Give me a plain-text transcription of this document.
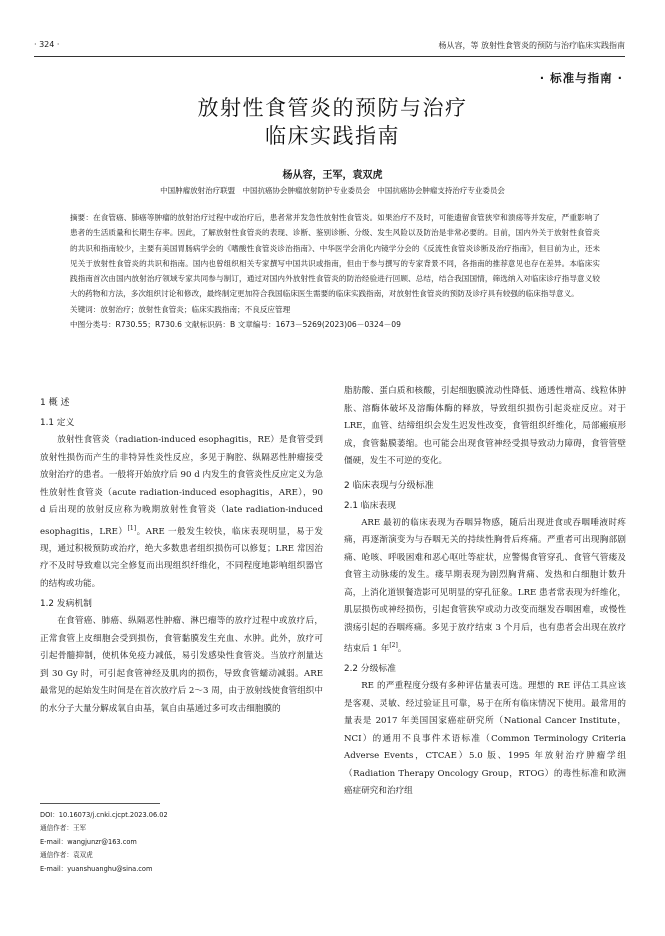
· 324 ·	杨从容，等 放射性食管炎的预防与治疗临床实践指南
· 标准与指南 ·
放射性食管炎的预防与治疗
临床实践指南
杨从容，王军，袁双虎
中国肿瘤放射治疗联盟 中国抗癌协会肿瘤放射防护专业委员会 中国抗癌协会肿瘤支持治疗专业委员会

摘要：在食管癌、肺癌等肿瘤的放射治疗过程中或治疗后，患者常并发急性放射性食管炎。如果治疗不及时，可能遗留食管狭窄和溃疡等并发症，严重影响了患者的生活质量和长期生存率。因此，了解放射性食管炎的表现、诊断、鉴别诊断、分级、发生风险以及防治是非常必要的。目前，国内外关于放射性食管炎的共识和指南较少，主要有美国胃肠病学会的《嗜酸性食管炎诊治指南》、中华医学会消化内镜学分会的《反流性食管炎诊断及治疗指南》，但目前为止，还未见关于放射性食管炎的共识和指南。国内也曾组织相关专家撰写中国共识或指南，但由于参与撰写的专家背景不同，各指南的推荐意见也存在差异。本临床实践指南首次由国内放射治疗领域专家共同参与制订，通过对国内外放射性食管炎的防治经验进行回顾、总结，结合我国国情，筛选纳入对临床诊疗指导意义较大的药物和方法，多次组织讨论和修改，最终制定更加符合我国临床医生需要的临床实践指南，对放射性食管炎的预防及诊疗具有较强的临床指导意义。

关键词：放射治疗；放射性食管炎；临床实践指南；不良反应管理

中图分类号：R730.55；R730.6 文献标识码：B 文章编号：1673－5269(2023)06－0324－09

1 概 述
1.1 定义

放射性食管炎（radiation-induced esophagitis，RE）是食管受到放射性损伤而产生的非特异性炎性反应，多见于胸腔、纵隔恶性肿瘤接受放射治疗的患者。一般将开始放疗后 90 d 内发生的食管炎性反应定义为急性放射性食管炎（acute radiation-induced esophagitis，ARE），90 d 后出现的放射反应称为晚期放射性食管炎（late radiation-induced esophagitis，LRE）[1]。ARE 一般发生较快，临床表现明显，易于发现，通过积极预防或治疗，绝大多数患者组织损伤可以修复；LRE 常因治疗不及时导致难以完全修复而出现组织纤维化，不同程度地影响组织器官的结构或功能。

1.2 发病机制

在食管癌、肺癌、纵隔恶性肿瘤、淋巴瘤等的放疗过程中或放疗后，正常食管上皮细胞会受到损伤，食管黏膜发生充血、水肿。此外，放疗可引起骨髓抑制，使机体免疫力减低，易引发感染性食管炎。当放疗剂量达到 30 Gy 时，可引起食管神经及肌肉的损伤，导致食管蠕动减弱。ARE 最常见的起始发生时间是在首次放疗后 2～3 周，由于放射线使食管组织中的水分子大量分解成氧自由基，氧自由基通过多可攻击细胞膜的

脂肪酸、蛋白质和核酸，引起细胞膜流动性降低、通透性增高、线粒体肿胀、溶酶体破坏及溶酶体酶的释放，导致组织损伤引起炎症反应。对于 LRE，血管、结缔组织会发生迟发性改变，食管组织纤维化，局部瘢痕形成，食管黏膜萎缩。也可能会出现食管神经受损导致动力障碍，食管管壁僵硬，发生不可逆的变化。

2 临床表现与分级标准
2.1 临床表现

ARE 最初的临床表现为吞咽异物感，随后出现进食或吞咽唾液时疼痛，再逐渐演变为与吞咽无关的持续性胸骨后疼痛。严重者可出现胸部剧痛、呛咳、呼吸困难和恶心呕吐等症状，应警惕食管穿孔、食管气管瘘及食管主动脉瘘的发生。瘘早期表现为剧烈胸背痛、发热和白细胞计数升高，上消化道钡餐造影可见明显的穿孔征象。LRE 患者常表现为纤维化，肌层损伤或神经损伤，引起食管狭窄或动力改变而继发吞咽困难，或慢性溃疡引起的吞咽疼痛。多见于放疗结束 3 个月后，也有患者会出现在放疗结束后 1 年[2]。

2.2 分级标准

RE 的严重程度分级有多种评估量表可选。理想的 RE 评估工具应该是客观、灵敏、经过验证且可靠，易于在所有临床情况下使用。最常用的量表是 2017 年美国国家癌症研究所（National Cancer Institute，NCI）的通用不良事件术语标准（Common Terminology Criteria Adverse Events，CTCAE）5.0 版、1995 年放射治疗肿瘤学组（Radiation Therapy Oncology Group，RTOG）的毒性标准和欧洲癌症研究和治疗组

DOI：10.16073/j.cnki.cjcpt.2023.06.02
通信作者：王军
E-mail：wangjunzr@163.com
通信作者：袁双虎
E-mail：yuanshuanghu@sina.com
